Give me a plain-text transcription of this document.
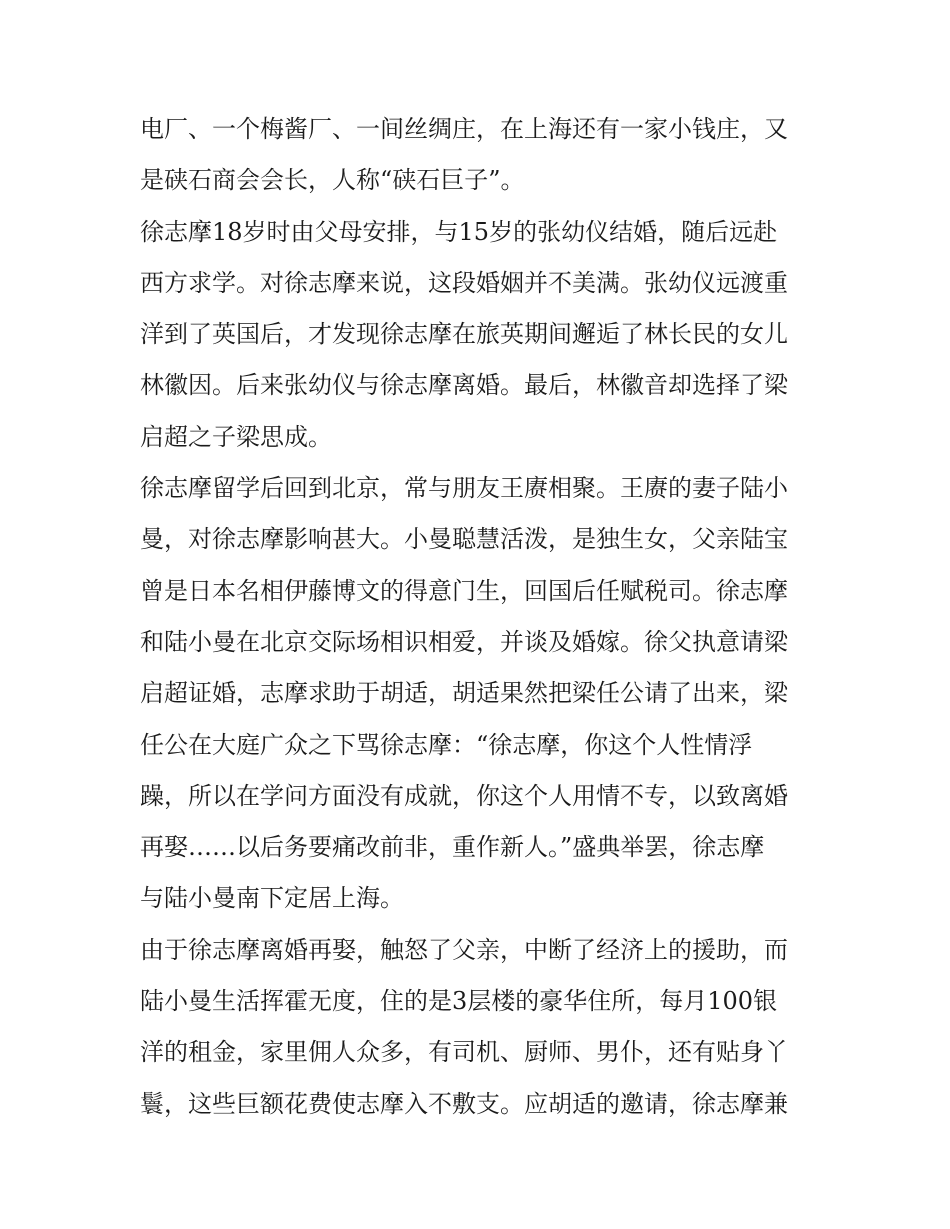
电厂、一个梅酱厂、一间丝绸庄，在上海还有一家小钱庄，又
是硖石商会会长，人称“硖石巨子”。
徐志摩18岁时由父母安排，与15岁的张幼仪结婚，随后远赴
西方求学。对徐志摩来说，这段婚姻并不美满。张幼仪远渡重
洋到了英国后，才发现徐志摩在旅英期间邂逅了林长民的女儿
林徽因。后来张幼仪与徐志摩离婚。最后，林徽音却选择了梁
启超之子梁思成。
徐志摩留学后回到北京，常与朋友王赓相聚。王赓的妻子陆小
曼，对徐志摩影响甚大。小曼聪慧活泼，是独生女，父亲陆宝
曾是日本名相伊藤博文的得意门生，回国后任赋税司。徐志摩
和陆小曼在北京交际场相识相爱，并谈及婚嫁。徐父执意请梁
启超证婚，志摩求助于胡适，胡适果然把梁任公请了出来，梁
任公在大庭广众之下骂徐志摩：“徐志摩，你这个人性情浮
躁，所以在学问方面没有成就，你这个人用情不专，以致离婚
再娶……以后务要痛改前非，重作新人。”盛典举罢，徐志摩
与陆小曼南下定居上海。
由于徐志摩离婚再娶，触怒了父亲，中断了经济上的援助，而
陆小曼生活挥霍无度，住的是3层楼的豪华住所，每月100银
洋的租金，家里佣人众多，有司机、厨师、男仆，还有贴身丫
鬟，这些巨额花费使志摩入不敷支。应胡适的邀请，徐志摩兼
